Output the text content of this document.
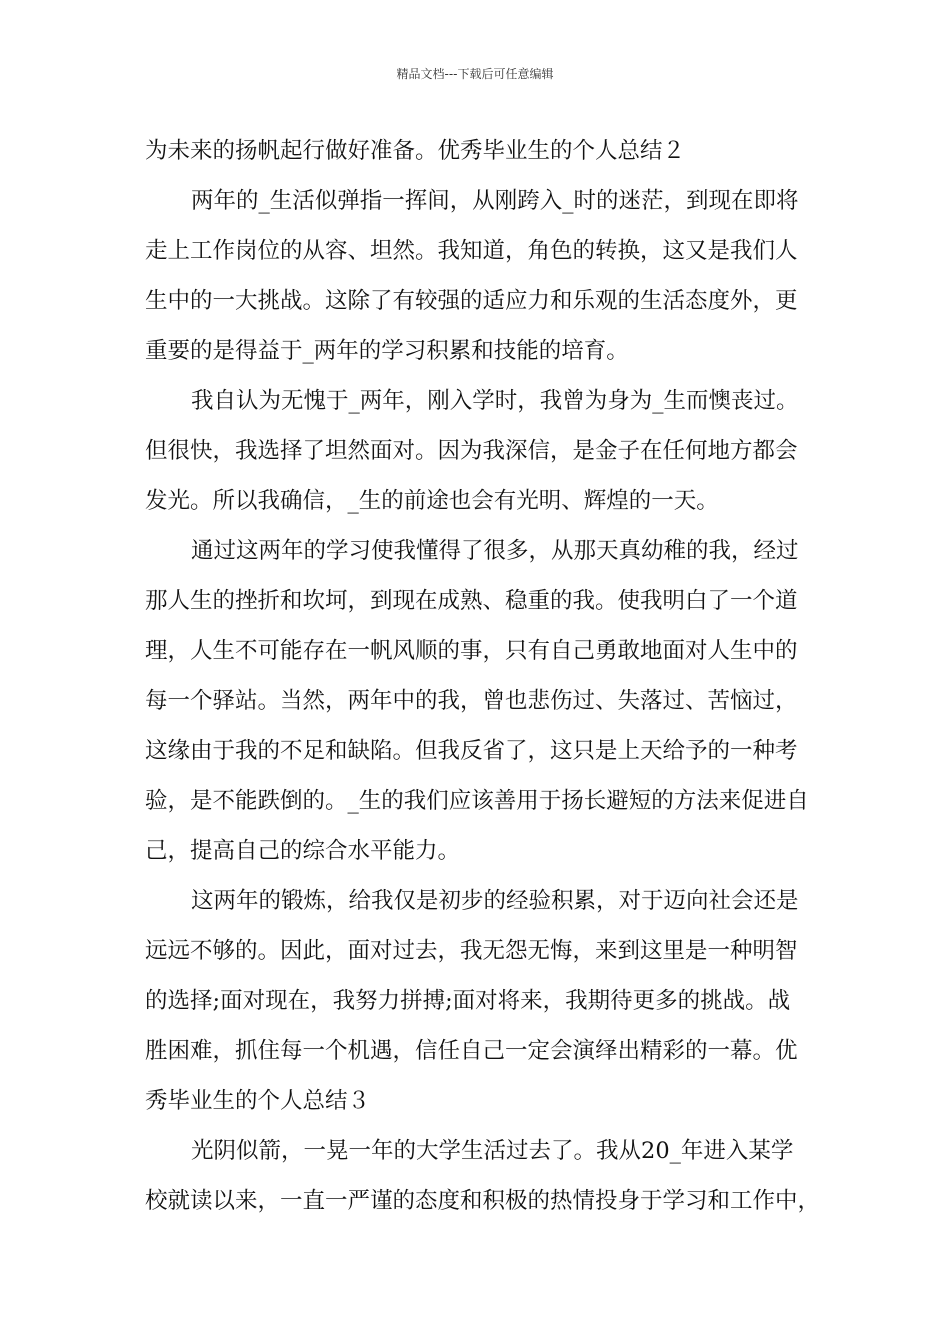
精品文档---下载后可任意编辑
为未来的扬帆起行做好准备。优秀毕业生的个人总结２
两年的_生活似弹指一挥间，从刚跨入_时的迷茫，到现在即将
走上工作岗位的从容、坦然。我知道，角色的转换，这又是我们人
生中的一大挑战。这除了有较强的适应力和乐观的生活态度外，更
重要的是得益于_两年的学习积累和技能的培育。
我自认为无愧于_两年，刚入学时，我曾为身为_生而懊丧过。
但很快，我选择了坦然面对。因为我深信，是金子在任何地方都会
发光。所以我确信，_生的前途也会有光明、辉煌的一天。
通过这两年的学习使我懂得了很多，从那天真幼稚的我，经过
那人生的挫折和坎坷，到现在成熟、稳重的我。使我明白了一个道
理，人生不可能存在一帆风顺的事，只有自己勇敢地面对人生中的
每一个驿站。当然，两年中的我，曾也悲伤过、失落过、苦恼过，
这缘由于我的不足和缺陷。但我反省了，这只是上天给予的一种考
验，是不能跌倒的。_生的我们应该善用于扬长避短的方法来促进自
己，提高自己的综合水平能力。
这两年的锻炼，给我仅是初步的经验积累，对于迈向社会还是
远远不够的。因此，面对过去，我无怨无悔，来到这里是一种明智
的选择;面对现在，我努力拼搏;面对将来，我期待更多的挑战。战
胜困难，抓住每一个机遇，信任自己一定会演绎出精彩的一幕。优
秀毕业生的个人总结３
光阴似箭，一晃一年的大学生活过去了。我从20_年进入某学
校就读以来，一直一严谨的态度和积极的热情投身于学习和工作中，
